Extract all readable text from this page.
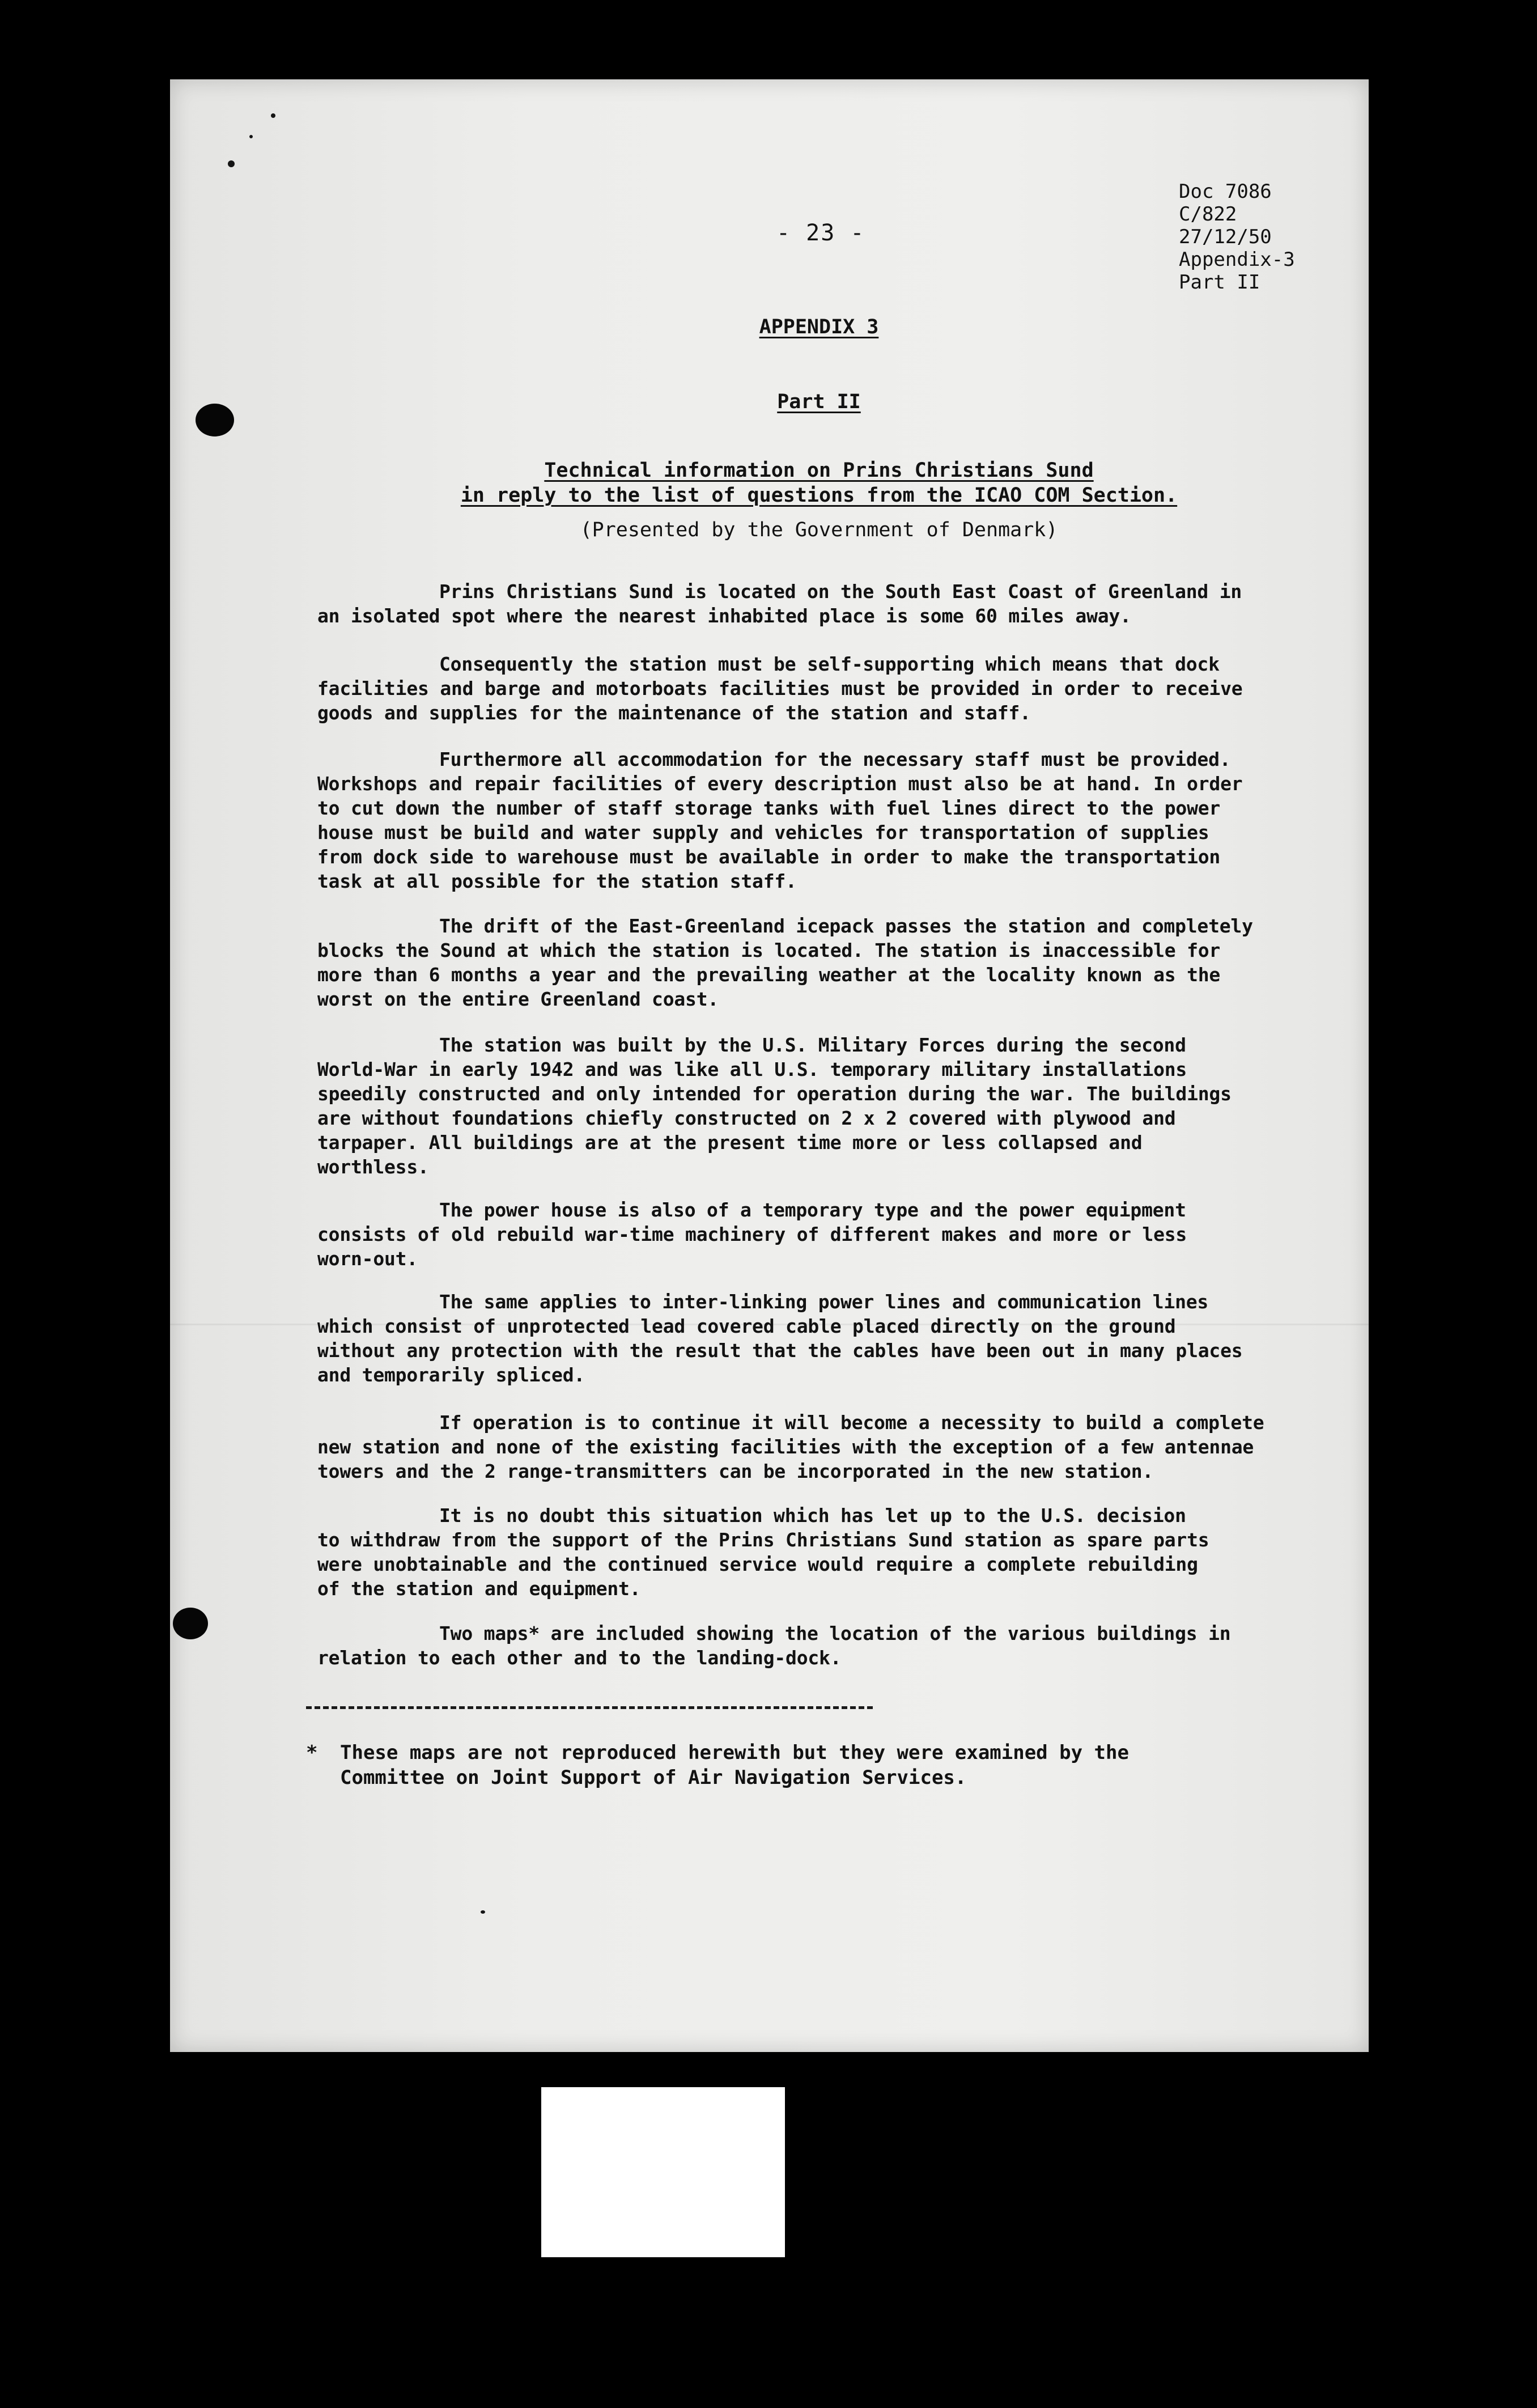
- 23 -
Doc 7086
C/822
27/12/50
Appendix-3
Part II
APPENDIX 3
Part II
Technical information on Prins Christians Sund
in reply to the list of questions from the ICAO COM Section.
(Presented by the Government of Denmark)
Prins Christians Sund is located on the South East Coast of Greenland in
an isolated spot where the nearest inhabited place is some 60 miles away.
Consequently the station must be self-supporting which means that dock
facilities and barge and motorboats facilities must be provided in order to receive
goods and supplies for the maintenance of the station and staff.
Furthermore all accommodation for the necessary staff must be provided.
Workshops and repair facilities of every description must also be at hand. In order
to cut down the number of staff storage tanks with fuel lines direct to the power
house must be build and water supply and vehicles for transportation of supplies
from dock side to warehouse must be available in order to make the transportation
task at all possible for the station staff.
The drift of the East-Greenland icepack passes the station and completely
blocks the Sound at which the station is located. The station is inaccessible for
more than 6 months a year and the prevailing weather at the locality known as the
worst on the entire Greenland coast.
The station was built by the U.S. Military Forces during the second
World-War in early 1942 and was like all U.S. temporary military installations
speedily constructed and only intended for operation during the war. The buildings
are without foundations chiefly constructed on 2 x 2 covered with plywood and
tarpaper. All buildings are at the present time more or less collapsed and
worthless.
The power house is also of a temporary type and the power equipment
consists of old rebuild war-time machinery of different makes and more or less
worn-out.
The same applies to inter-linking power lines and communication lines
which consist of unprotected lead covered cable placed directly on the ground
without any protection with the result that the cables have been out in many places
and temporarily spliced.
If operation is to continue it will become a necessity to build a complete
new station and none of the existing facilities with the exception of a few antennae
towers and the 2 range-transmitters can be incorporated in the new station.
It is no doubt this situation which has let up to the U.S. decision
to withdraw from the support of the Prins Christians Sund station as spare parts
were unobtainable and the continued service would require a complete rebuilding
of the station and equipment.
Two maps* are included showing the location of the various buildings in
relation to each other and to the landing-dock.
* These maps are not reproduced herewith but they were examined by the
Committee on Joint Support of Air Navigation Services.
